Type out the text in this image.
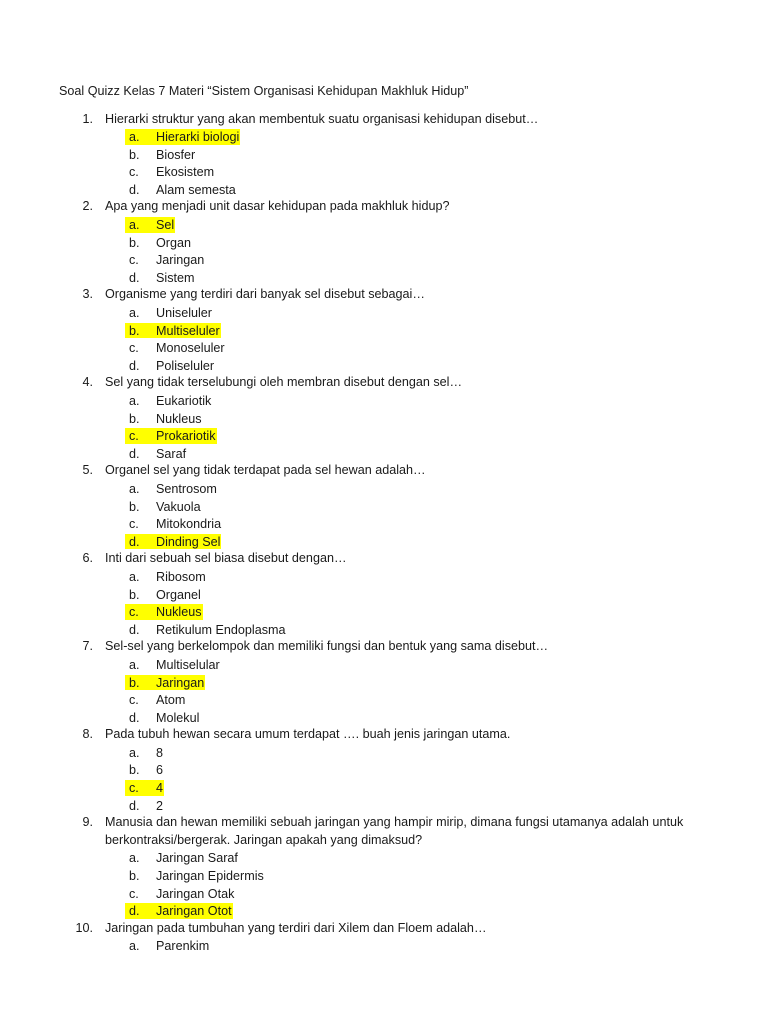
Soal Quizz Kelas 7 Materi “Sistem Organisasi Kehidupan Makhluk Hidup”
1. Hierarki struktur yang akan membentuk suatu organisasi kehidupan disebut…
a. Hierarki biologi
b. Biosfer
c. Ekosistem
d. Alam semesta
2. Apa yang menjadi unit dasar kehidupan pada makhluk hidup?
a. Sel
b. Organ
c. Jaringan
d. Sistem
3. Organisme yang terdiri dari banyak sel disebut sebagai…
a. Uniseluler
b. Multiseluler
c. Monoseluler
d. Poliseluler
4. Sel yang tidak terselubungi oleh membran disebut dengan sel…
a. Eukariotik
b. Nukleus
c. Prokariotik
d. Saraf
5. Organel sel yang tidak terdapat pada sel hewan adalah…
a. Sentrosom
b. Vakuola
c. Mitokondria
d. Dinding Sel
6. Inti dari sebuah sel biasa disebut dengan…
a. Ribosom
b. Organel
c. Nukleus
d. Retikulum Endoplasma
7. Sel-sel yang berkelompok dan memiliki fungsi dan bentuk yang sama disebut…
a. Multiselular
b. Jaringan
c. Atom
d. Molekul
8. Pada tubuh hewan secara umum terdapat …. buah jenis jaringan utama.
a. 8
b. 6
c. 4
d. 2
9. Manusia dan hewan memiliki sebuah jaringan yang hampir mirip, dimana fungsi utamanya adalah untuk berkontraksi/bergerak. Jaringan apakah yang dimaksud?
a. Jaringan Saraf
b. Jaringan Epidermis
c. Jaringan Otak
d. Jaringan Otot
10. Jaringan pada tumbuhan yang terdiri dari Xilem dan Floem adalah…
a. Parenkim
